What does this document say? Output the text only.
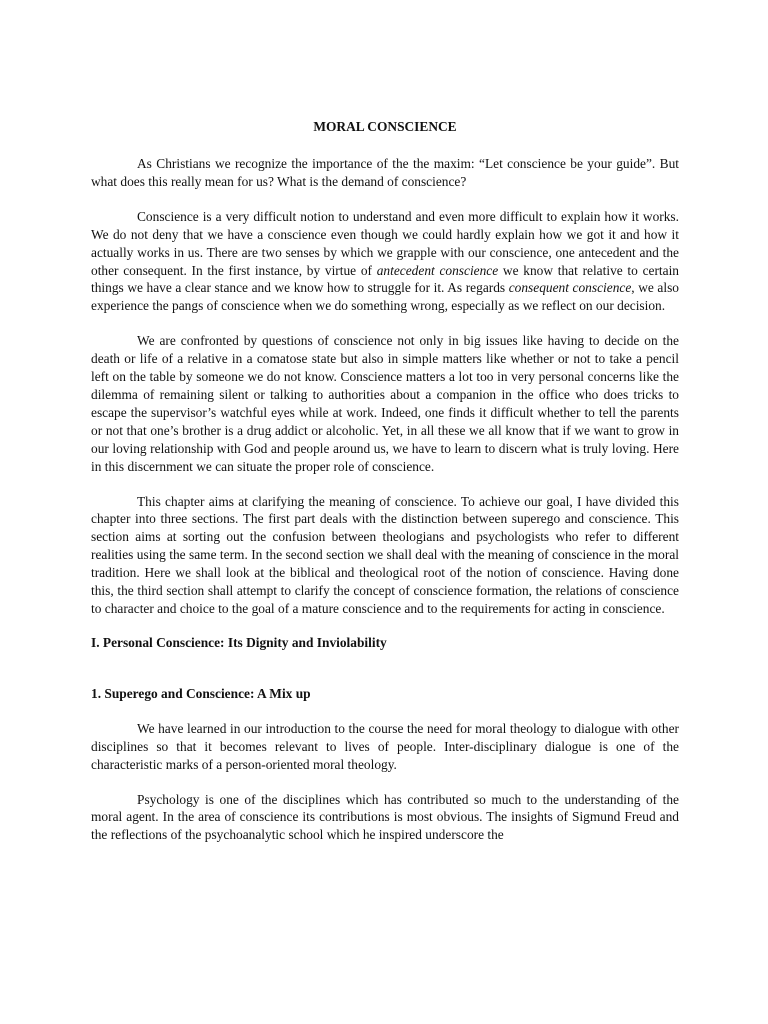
MORAL CONSCIENCE

As Christians we recognize the importance of the the maxim: “Let conscience be your guide”. But what does this really mean for us? What is the demand of conscience?

Conscience is a very difficult notion to understand and even more difficult to explain how it works. We do not deny that we have a conscience even though we could hardly explain how we got it and how it actually works in us. There are two senses by which we grapple with our conscience, one antecedent and the other consequent. In the first instance, by virtue of antecedent conscience we know that relative to certain things we have a clear stance and we know how to struggle for it. As regards consequent conscience, we also experience the pangs of conscience when we do something wrong, especially as we reflect on our decision.

We are confronted by questions of conscience not only in big issues like having to decide on the death or life of a relative in a comatose state but also in simple matters like whether or not to take a pencil left on the table by someone we do not know. Conscience matters a lot too in very personal concerns like the dilemma of remaining silent or talking to authorities about a companion in the office who does tricks to escape the supervisor’s watchful eyes while at work. Indeed, one finds it difficult whether to tell the parents or not that one’s brother is a drug addict or alcoholic. Yet, in all these we all know that if we want to grow in our loving relationship with God and people around us, we have to learn to discern what is truly loving. Here in this discernment we can situate the proper role of conscience.

This chapter aims at clarifying the meaning of conscience. To achieve our goal, I have divided this chapter into three sections. The first part deals with the distinction between superego and conscience. This section aims at sorting out the confusion between theologians and psychologists who refer to different realities using the same term. In the second section we shall deal with the meaning of conscience in the moral tradition. Here we shall look at the biblical and theological root of the notion of conscience. Having done this, the third section shall attempt to clarify the concept of conscience formation, the relations of conscience to character and choice to the goal of a mature conscience and to the requirements for acting in conscience.

I. Personal Conscience: Its Dignity and Inviolability
1. Superego and Conscience: A Mix up

We have learned in our introduction to the course the need for moral theology to dialogue with other disciplines so that it becomes relevant to lives of people. Inter-disciplinary dialogue is one of the characteristic marks of a person-oriented moral theology.

Psychology is one of the disciplines which has contributed so much to the understanding of the moral agent. In the area of conscience its contributions is most obvious. The insights of Sigmund Freud and the reflections of the psychoanalytic school which he inspired underscore the
